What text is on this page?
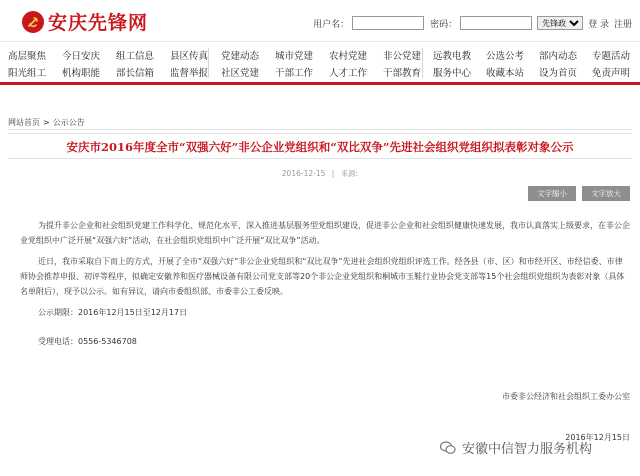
安庆先锋网	用户名：	密码：
先锋政务	登 录 注册
高层聚焦
阳光组工
今日安庆
机构职能
组工信息
部长信箱
县区传真
监督举报
党建动态
社区党建
城市党建
干部工作
农村党建
人才工作
非公党建
干部教育
远教电教
服务中心
公选公考
收藏本站
部内动态
设为首页
专题活动
免责声明
网站首页 > 公示公告
安庆市2016年度全市“双强六好”非公企业党组织和“双比双争”先进社会组织党组织拟表彰对象公示
2016-12-15 | 来源:
文字缩小	文字放大

为提升非公企业和社会组织党建工作科学化、规范化水平，深入推进基层服务型党组织建设，促进非公企业和社会组织健康快速发展，我市认真落实上级要求，在非公企业党组织中广泛开展“双强六好”活动，在社会组织党组织中广泛开展“双比双争”活动。

近日，我市采取自下而上的方式，开展了全市“双强六好”非公企业党组织和“双比双争”先进社会组织党组织评选工作。经各县（市、区）和市经开区、市经信委、市律师协会推荐申报、初评等程序，拟确定安徽养和医疗器械设备有限公司党支部等20个非公企业党组织和桐城市玉鞋行业协会党支部等15个社会组织党组织为表彰对象（具体名单附后），现予以公示。如有异议，请向市委组织部、市委非公工委反映。

公示期限：2016年12月15日至12月17日

受理电话：0556-5346708

市委非公经济和社会组织工委办公室
安徽中信智力服务机构
2016年12月15日
